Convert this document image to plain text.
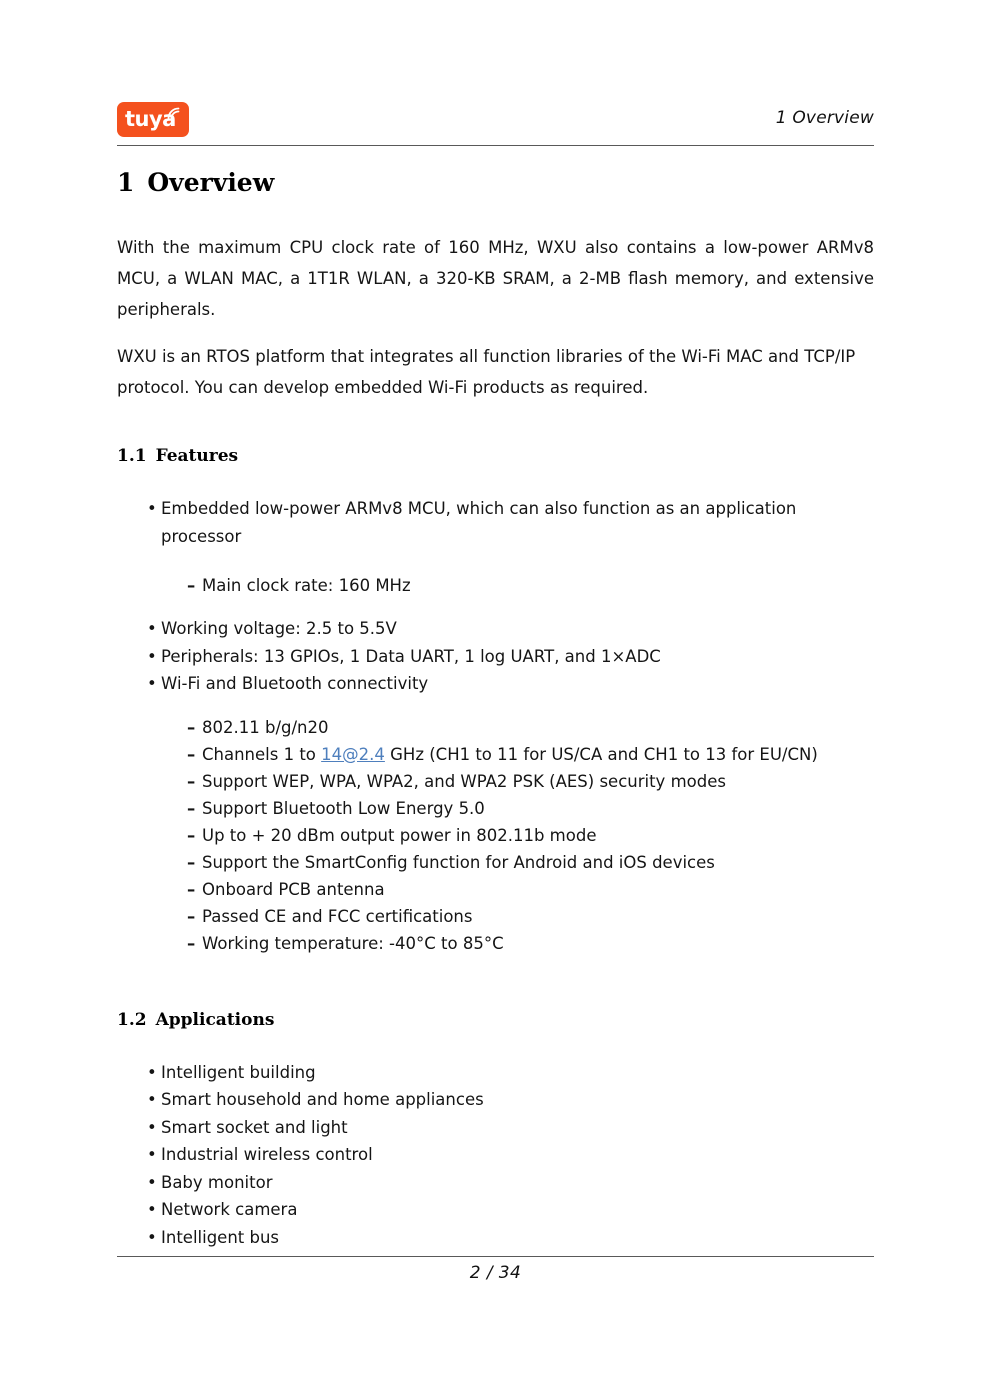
tuya	1 Overview
1 Overview

With the maximum CPU clock rate of 160 MHz, WXU also contains a low-power ARMv8 MCU, a WLAN MAC, a 1T1R WLAN, a 320-KB SRAM, a 2-MB flash memory, and extensive peripherals.

WXU is an RTOS platform that integrates all function libraries of the Wi-Fi MAC and TCP/IP protocol. You can develop embedded Wi-Fi products as required.

1.1 Features
• Embedded low-power ARMv8 MCU, which can also function as an application processor
– Main clock rate: 160 MHz
• Working voltage: 2.5 to 5.5V
• Peripherals: 13 GPIOs, 1 Data UART, 1 log UART, and 1×ADC
• Wi-Fi and Bluetooth connectivity
– 802.11 b/g/n20
– Channels 1 to 14@2.4 GHz (CH1 to 11 for US/CA and CH1 to 13 for EU/CN)
– Support WEP, WPA, WPA2, and WPA2 PSK (AES) security modes
– Support Bluetooth Low Energy 5.0
– Up to + 20 dBm output power in 802.11b mode
– Support the SmartConfig function for Android and iOS devices
– Onboard PCB antenna
– Passed CE and FCC certifications
– Working temperature: -40°C to 85°C
1.2 Applications
• Intelligent building
• Smart household and home appliances
• Smart socket and light
• Industrial wireless control
• Baby monitor
• Network camera
• Intelligent bus
2 / 34
